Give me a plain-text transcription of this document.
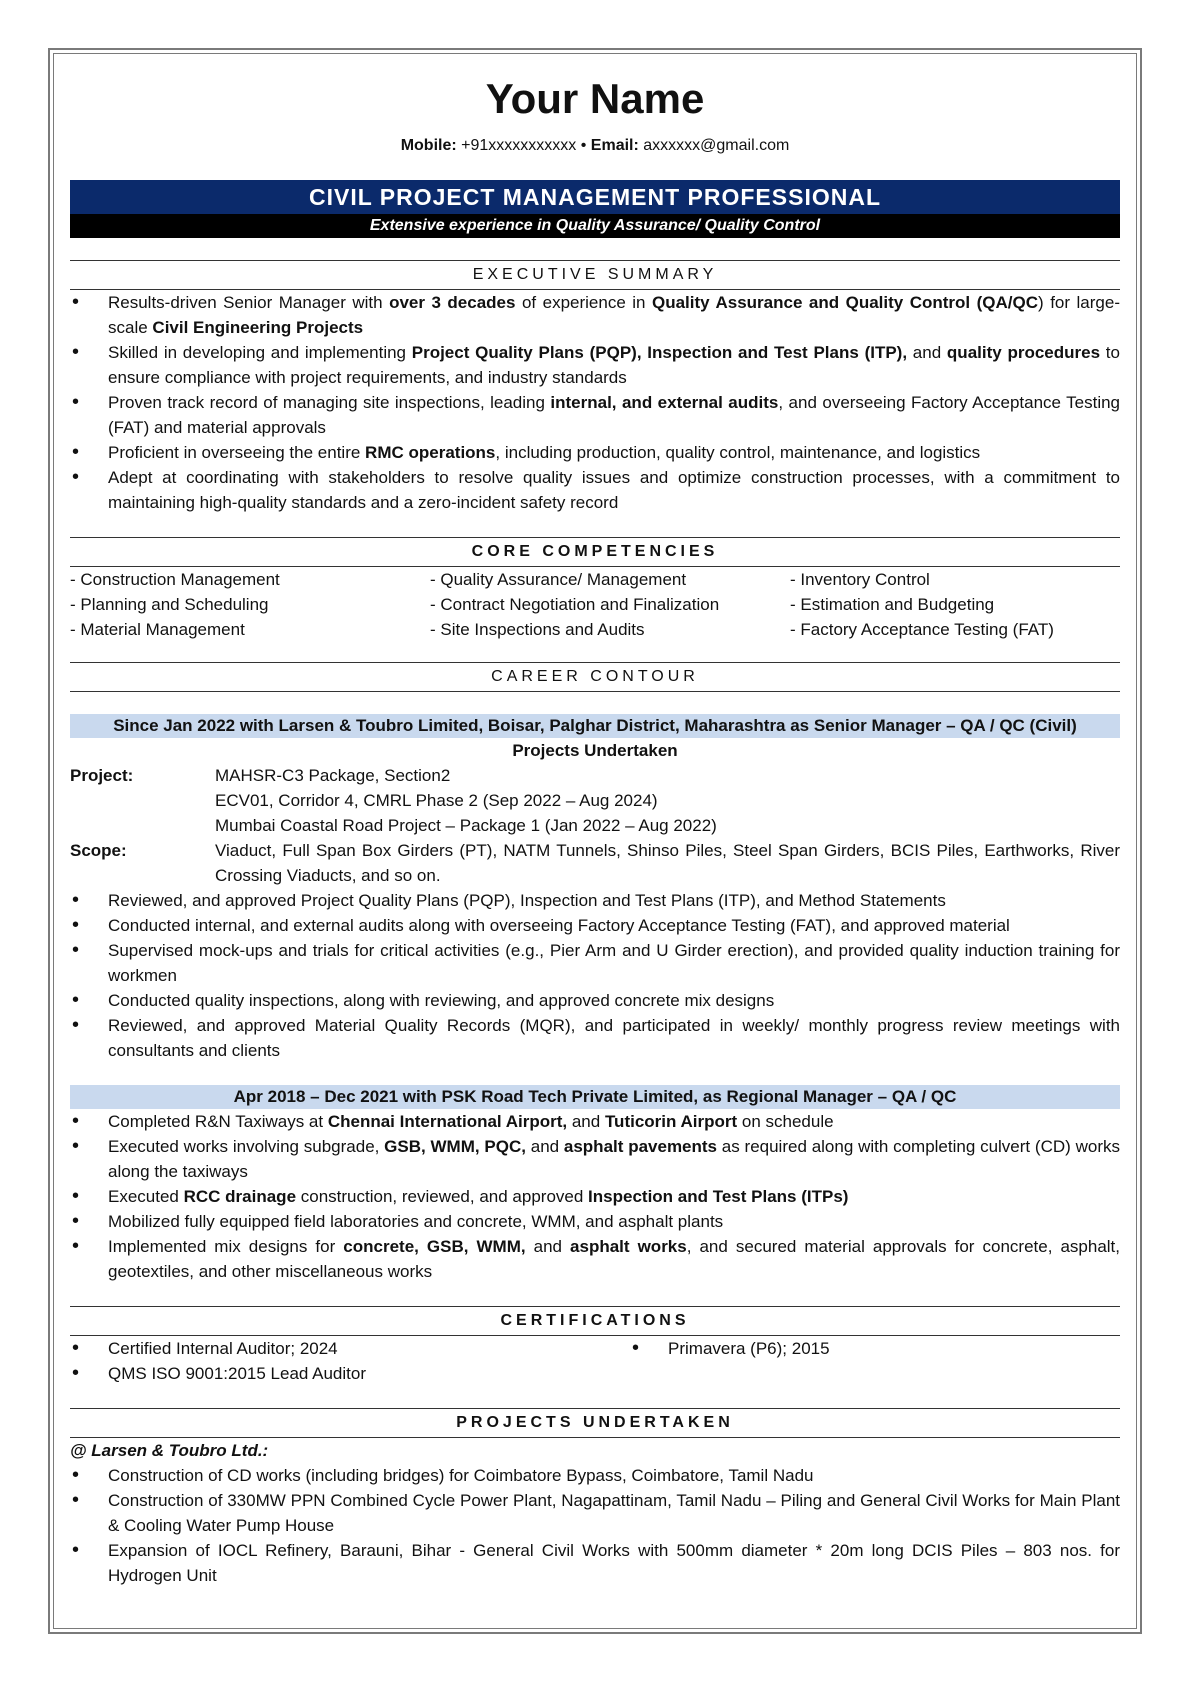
Your Name
Mobile: +91xxxxxxxxxxx • Email: axxxxxx@gmail.com
CIVIL PROJECT MANAGEMENT PROFESSIONAL
Extensive experience in Quality Assurance/ Quality Control
EXECUTIVE SUMMARY
• Results-driven Senior Manager with over 3 decades of experience in Quality Assurance and Quality Control (QA/QC) for large-scale Civil Engineering Projects
• Skilled in developing and implementing Project Quality Plans (PQP), Inspection and Test Plans (ITP), and quality procedures to ensure compliance with project requirements, and industry standards
• Proven track record of managing site inspections, leading internal, and external audits, and overseeing Factory Acceptance Testing (FAT) and material approvals
• Proficient in overseeing the entire RMC operations, including production, quality control, maintenance, and logistics
• Adept at coordinating with stakeholders to resolve quality issues and optimize construction processes, with a commitment to maintaining high-quality standards and a zero-incident safety record
CORE COMPETENCIES
- Construction Management	- Quality Assurance/ Management	- Inventory Control
- Planning and Scheduling	- Contract Negotiation and Finalization	- Estimation and Budgeting
- Material Management	- Site Inspections and Audits	- Factory Acceptance Testing (FAT)
CAREER CONTOUR
Since Jan 2022 with Larsen & Toubro Limited, Boisar, Palghar District, Maharashtra as Senior Manager – QA / QC (Civil)
Projects Undertaken
Project:	MAHSR-C3 Package, Section2
ECV01, Corridor 4, CMRL Phase 2 (Sep 2022 – Aug 2024)
Mumbai Coastal Road Project – Package 1 (Jan 2022 – Aug 2022)
Scope:	Viaduct, Full Span Box Girders (PT), NATM Tunnels, Shinso Piles, Steel Span Girders, BCIS Piles, Earthworks, River Crossing Viaducts, and so on.
• Reviewed, and approved Project Quality Plans (PQP), Inspection and Test Plans (ITP), and Method Statements
• Conducted internal, and external audits along with overseeing Factory Acceptance Testing (FAT), and approved material
• Supervised mock-ups and trials for critical activities (e.g., Pier Arm and U Girder erection), and provided quality induction training for workmen
• Conducted quality inspections, along with reviewing, and approved concrete mix designs
• Reviewed, and approved Material Quality Records (MQR), and participated in weekly/ monthly progress review meetings with consultants and clients
Apr 2018 – Dec 2021 with PSK Road Tech Private Limited, as Regional Manager – QA / QC
• Completed R&N Taxiways at Chennai International Airport, and Tuticorin Airport on schedule
• Executed works involving subgrade, GSB, WMM, PQC, and asphalt pavements as required along with completing culvert (CD) works along the taxiways
• Executed RCC drainage construction, reviewed, and approved Inspection and Test Plans (ITPs)
• Mobilized fully equipped field laboratories and concrete, WMM, and asphalt plants
• Implemented mix designs for concrete, GSB, WMM, and asphalt works, and secured material approvals for concrete, asphalt, geotextiles, and other miscellaneous works
CERTIFICATIONS
• Certified Internal Auditor; 2024
• QMS ISO 9001:2015 Lead Auditor
• Primavera (P6); 2015
PROJECTS UNDERTAKEN
@ Larsen & Toubro Ltd.:
• Construction of CD works (including bridges) for Coimbatore Bypass, Coimbatore, Tamil Nadu
• Construction of 330MW PPN Combined Cycle Power Plant, Nagapattinam, Tamil Nadu – Piling and General Civil Works for Main Plant & Cooling Water Pump House
• Expansion of IOCL Refinery, Barauni, Bihar - General Civil Works with 500mm diameter * 20m long DCIS Piles – 803 nos. for Hydrogen Unit
